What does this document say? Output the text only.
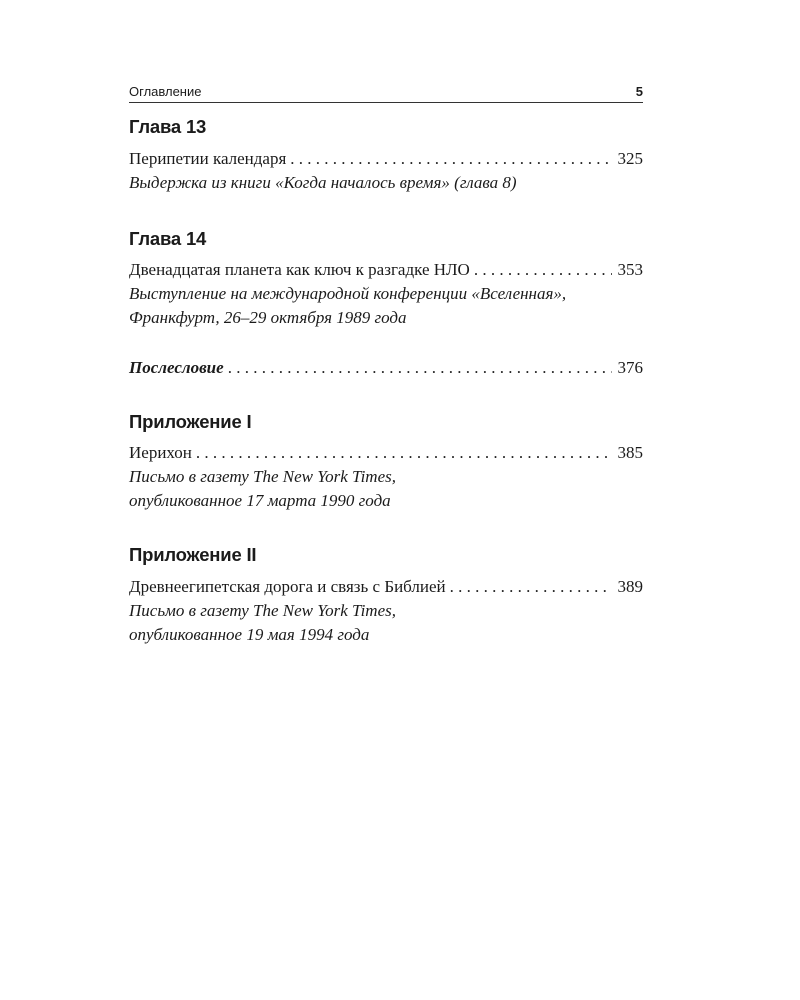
Оглавление	5
Глава 13
Перипетии календаря . . .	325
Выдержка из книги «Когда началось время» (глава 8)
Глава 14
Двенадцатая планета как ключ к разгадке НЛО . . .	353
Выступление на международной конференции «Вселенная»,
Франкфурт, 26–29 октября 1989 года
Послесловие . . .	376
Приложение I
Иерихон . . .	385
Письмо в газету The New York Times,
опубликованное 17 марта 1990 года
Приложение II
Древнеегипетская дорога и связь с Библией . . .	389
Письмо в газету The New York Times,
опубликованное 19 мая 1994 года
